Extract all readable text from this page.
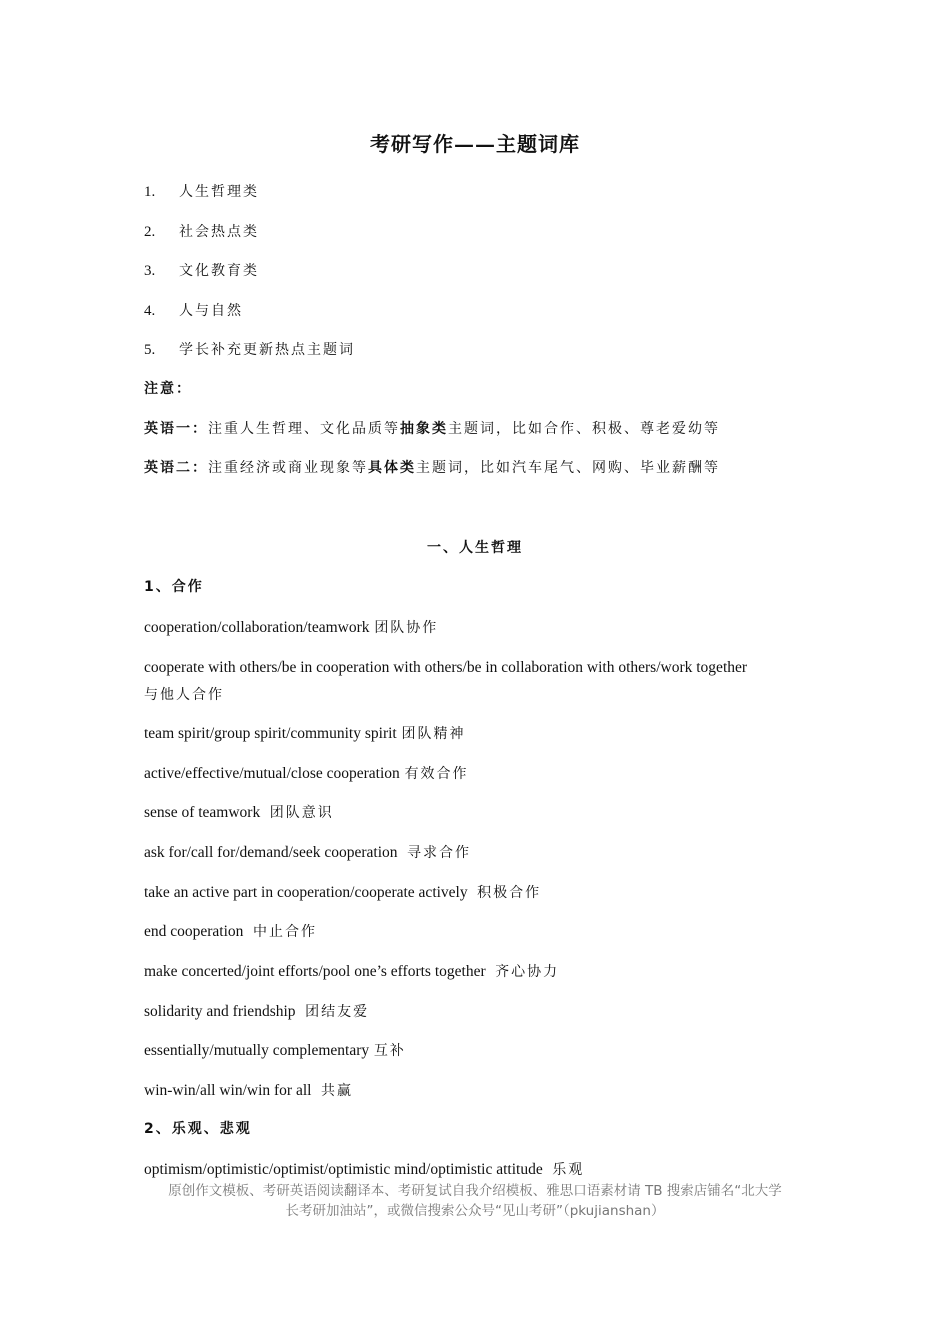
考研写作——主题词库
1. 人生哲理类
2. 社会热点类
3. 文化教育类
4. 人与自然
5. 学长补充更新热点主题词
注意：
英语一：注重人生哲理、文化品质等抽象类主题词，比如合作、积极、尊老爱幼等
英语二：注重经济或商业现象等具体类主题词，比如汽车尾气、网购、毕业薪酬等
一、人生哲理
1、合作
cooperation/collaboration/teamwork 团队协作
cooperate with others/be in cooperation with others/be in collaboration with others/work together
与他人合作
team spirit/group spirit/community spirit 团队精神
active/effective/mutual/close cooperation 有效合作
sense of teamwork 团队意识
ask for/call for/demand/seek cooperation 寻求合作
take an active part in cooperation/cooperate actively 积极合作
end cooperation 中止合作
make concerted/joint efforts/pool one’s efforts together 齐心协力
solidarity and friendship 团结友爱
essentially/mutually complementary 互补
win-win/all win/win for all 共赢
2、乐观、悲观
optimism/optimistic/optimist/optimistic mind/optimistic attitude 乐观
原创作文模板、考研英语阅读翻译本、考研复试自我介绍模板、雅思口语素材请 TB 搜索店铺名“北大学
长考研加油站”，或微信搜索公众号“见山考研”（pkujianshan）
